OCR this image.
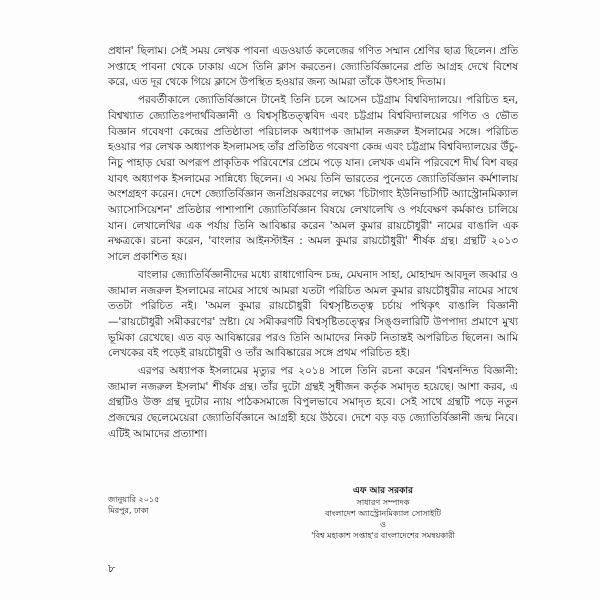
প্রধান' ছিলাম। সেই সময় লেখক পাবনা এডওয়ার্ড কলেজের গণিত সম্মান শ্রেণির ছাত্র ছিলেন। প্রতি সপ্তাহে পাবনা থেকে ঢাকায় এসে তিনি ক্লাস করতেন। জ্যোতির্বিজ্ঞানের প্রতি আগ্রহ দেখে বিশেষ করে, এত দূর থেকে গিয়ে ক্লাসে উপস্থিত হওয়ার জন্য আমরা তাঁকে উৎসাহ দিতাম।

পরবর্তীকালে জ্যোতির্বিজ্ঞানে টানেই তিনি চলে আসেন চট্টগ্রাম বিশ্ববিদ্যালয়ে। পরিচিত হন, বিশ্বখ্যাত জ্যোতিঃপদার্থবিজ্ঞানী ও বিশ্বসৃষ্টিতত্ত্ববিদ এবং চট্টগ্রাম বিশ্ববিদ্যালয়ের গণিত ও ভৌত বিজ্ঞান গবেষণা কেন্দ্রের প্রতিষ্ঠাতা পরিচালক অধ্যাপক জামাল নজরুল ইসলামের সঙ্গে। পরিচিত হওয়ার পর লেখক অধ্যাপক ইসলামসহ তাঁর প্রতিষ্ঠিত গবেষণা কেন্দ্র এবং চট্টগ্রাম বিশ্ববিদ্যালয়ের উঁচু-নিচু পাহাড় ঘেরা অপরূপ প্রাকৃতিক পরিবেশের প্রেমে পড়ে যান। লেখক এমনি পরিবেশে দীর্ঘ বিশ বছর যাবৎ অধ্যাপক ইসলামের সান্নিধ্যে ছিলেন। এ সময় তিনি ভারতের পুনেতে জ্যোতির্বিজ্ঞান কর্মশালায় অংশগ্রহণ করেন। দেশে জ্যোতির্বিজ্ঞান জনপ্রিয়করণের লক্ষ্যে 'চিটাগাং ইউনিভার্সিটি অ্যাস্ট্রোনমিক্যাল অ্যাসোসিয়েশন' প্রতিষ্ঠার পাশাপাশি জ্যোতির্বিজ্ঞান বিষয়ে লেখালেখি ও পর্যবেক্ষণ কর্মকাণ্ড চালিয়ে যান। লেখালেখির এক পর্যায় তিনি আবিষ্কার করেন 'অমল কুমার রায়চৌধুরী' নামের বাঙালি এক নক্ষত্রকে। রচনা করেন, 'বাংলার আইনস্টাইন : অমল কুমার রায়চৌধুরী' শীর্ষক গ্রন্থ। গ্রন্থটি ২০১৩ সালে প্রকাশিত হয়।

বাংলার জ্যোতির্বিজ্ঞানীদের মধ্যে রাধাগোবিন্দ চন্দ্র, মেঘনাদ সাহা, মোহাম্মদ আবদুল জব্বার ও জামাল নজরুল ইসলামের নামের সাথে আমরা যতটা পরিচিত অমল কুমার রায়চৌধুরীর নামের সাথে ততটা পরিচিত নই। 'অমল কুমার রায়চৌধুরী বিশ্বসৃষ্টিতত্ত্ব চর্চায় পথিকৃৎ বাঙালি বিজ্ঞানী—'রায়চৌধুরী সমীকরণের' স্রষ্টা। যে সমীকরণটি বিশ্বসৃষ্টিতত্ত্বের সিঙ্গুলারিটি উপপাদ্য প্রমাণে মুখ্য ভূমিকা রেখেছে। এত বড় আবিষ্কারের পরও তিনি আমাদের নিকট নিতান্তই অপরিচিত ছিলেন। আমি লেখকের বই পড়েই রায়চৌধুরী ও তাঁর আবিষ্কারের সঙ্গে প্রথম পরিচিত হই।

এরপর অধ্যাপক ইসলামের মৃত্যুর পর ২০১৪ সালে তিনি রচনা করেন 'বিশ্বনন্দিত বিজ্ঞানী: জামাল নজরুল ইসলাম' শীর্ষক গ্রন্থ। তাঁর দুটো গ্রন্থই সুধীজন কর্তৃক সমাদৃত হয়েছে। আশা করব, এ গ্রন্থটিও উক্ত গ্রন্থ দুটোর ন্যায় পাঠকসমাজে বিপুলভাবে সমাদৃত হবে। সেই সাথে গ্রন্থটি পড়ে নতুন প্রজন্মের ছেলেমেয়েরা জ্যোতির্বিজ্ঞানে আগ্রহী হয়ে উঠবে। দেশে বড় বড় জ্যোতির্বিজ্ঞানী জন্ম নিবে। এটিই আমাদের প্রত্যাশা।

এফ আর সরকার
সাধারণ সম্পাদক
বাংলাদেশ অ্যাস্ট্রোনমিক্যাল সোসাইটি
ও
'বিশ্ব মহাকাশ সপ্তাহ'র বাংলাদেশের সমন্বয়কারী
জানুয়ারি ২০১৫
মিরপুর, ঢাকা
৮
